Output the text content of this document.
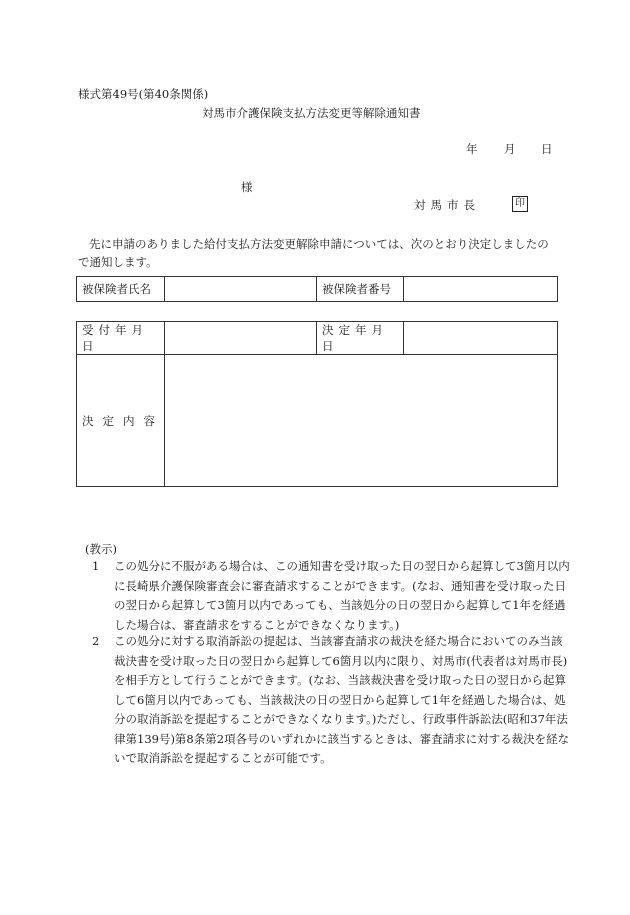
様式第49号(第40条関係)
対馬市介護保険支払方法変更等解除通知書
年 月 日
様
対馬市長	印
先に申請のありました給付支払方法変更解除申請については、次のとおり決定しましたので通知します。
被保険者氏名		被保険者番号	
受付年月日		決定年月日	
決定内容			
(教示)
1	この処分に不服がある場合は、この通知書を受け取った日の翌日から起算して3箇月以内に長崎県介護保険審査会に審査請求することができます。(なお、通知書を受け取った日の翌日から起算して3箇月以内であっても、当該処分の日の翌日から起算して1年を経過した場合は、審査請求をすることができなくなります。)
2	この処分に対する取消訴訟の提起は、当該審査請求の裁決を経た場合においてのみ当該裁決書を受け取った日の翌日から起算して6箇月以内に限り、対馬市(代表者は対馬市長)を相手方として行うことができます。(なお、当該裁決書を受け取った日の翌日から起算して6箇月以内であっても、当該裁決の日の翌日から起算して1年を経過した場合は、処分の取消訴訟を提起することができなくなります。)ただし、行政事件訴訟法(昭和37年法律第139号)第8条第2項各号のいずれかに該当するときは、審査請求に対する裁決を経ないで取消訴訟を提起することが可能です。
